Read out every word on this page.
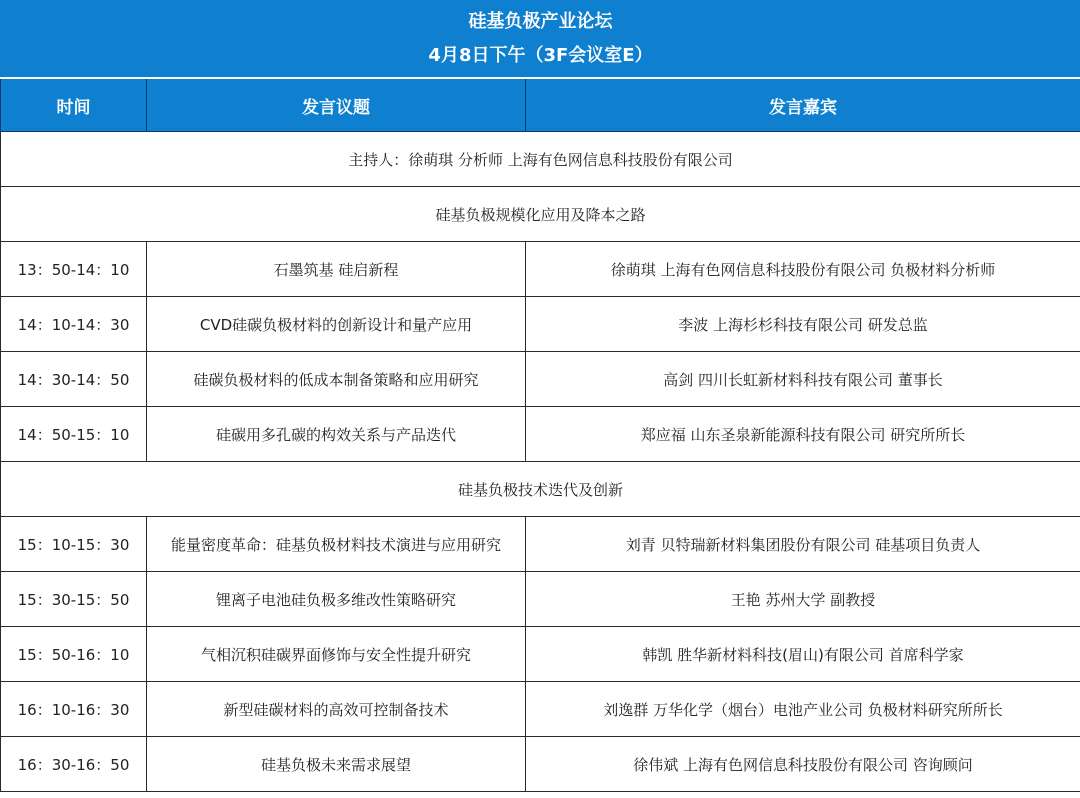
硅基负极产业论坛
4月8日下午（3F会议室E）		

时间	发言议题	发言嘉宾
主持人：徐萌琪 分析师 上海有色网信息科技股份有限公司		
硅基负极规模化应用及降本之路		
13：50-14：10	石墨筑基 硅启新程	徐萌琪 上海有色网信息科技股份有限公司 负极材料分析师
14：10-14：30	CVD硅碳负极材料的创新设计和量产应用	李波 上海杉杉科技有限公司 研发总监
14：30-14：50	硅碳负极材料的低成本制备策略和应用研究	高剑 四川长虹新材料科技有限公司 董事长
14：50-15：10	硅碳用多孔碳的构效关系与产品迭代	郑应福 山东圣泉新能源科技有限公司 研究所所长
硅基负极技术迭代及创新		
15：10-15：30	能量密度革命：硅基负极材料技术演进与应用研究	刘青 贝特瑞新材料集团股份有限公司 硅基项目负责人
15：30-15：50	锂离子电池硅负极多维改性策略研究	王艳 苏州大学 副教授
15：50-16：10	气相沉积硅碳界面修饰与安全性提升研究	韩凯 胜华新材料科技(眉山)有限公司 首席科学家
16：10-16：30	新型硅碳材料的高效可控制备技术	刘逸群 万华化学（烟台）电池产业公司 负极材料研究所所长
16：30-16：50	硅基负极未来需求展望	徐伟斌 上海有色网信息科技股份有限公司 咨询顾问
